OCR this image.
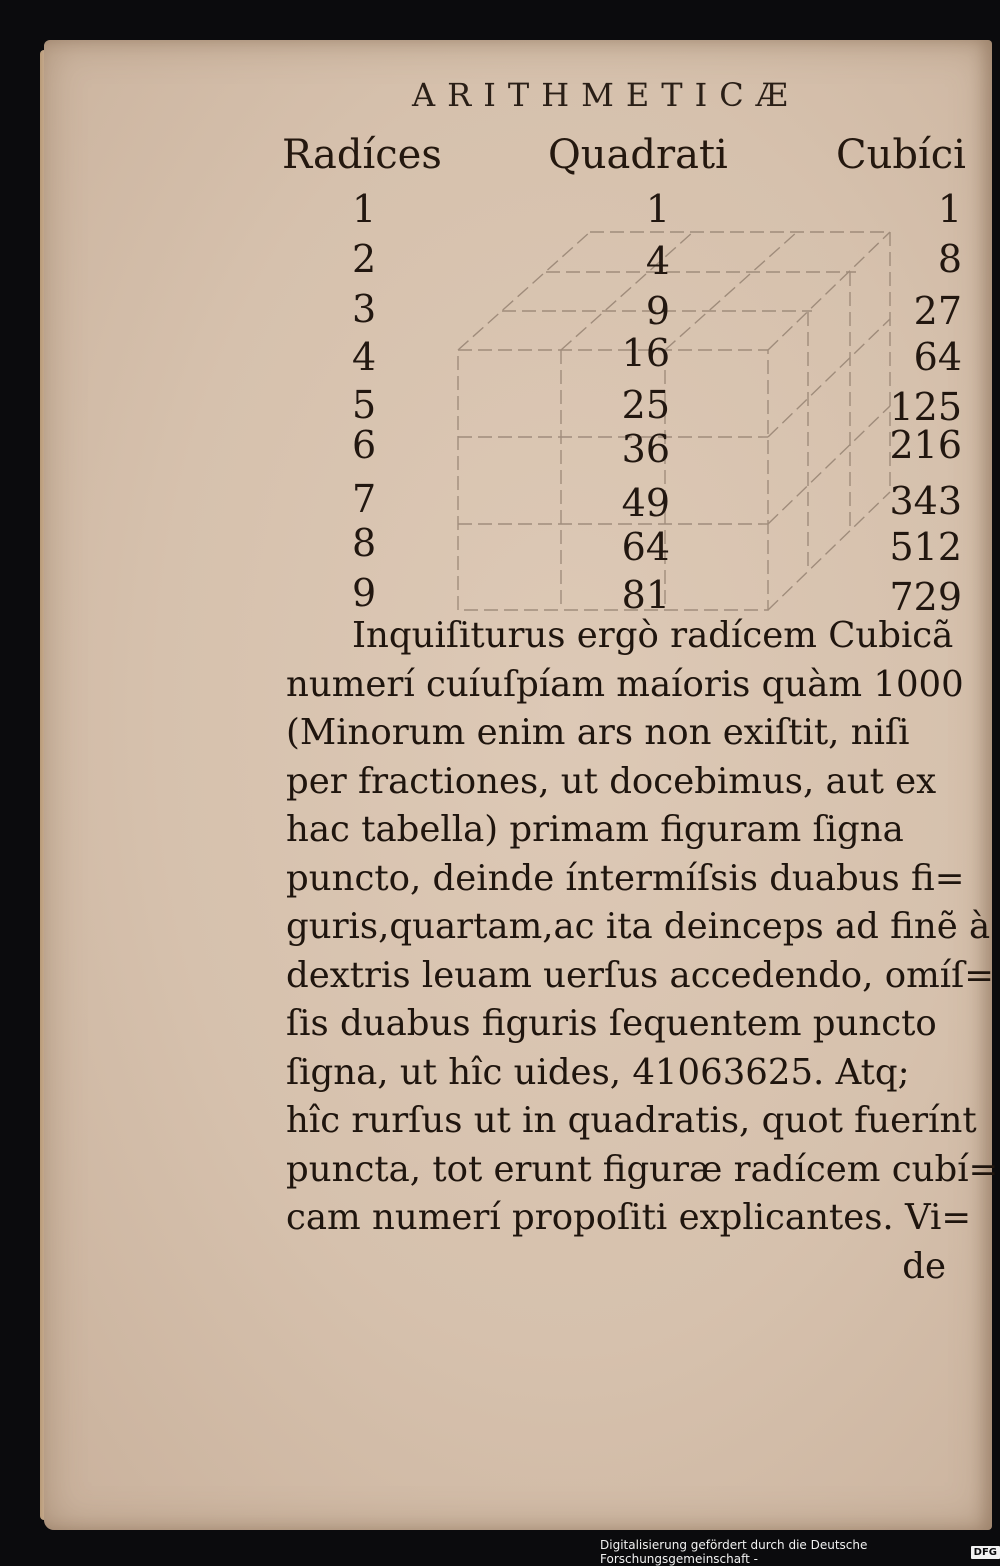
ARITHMETICÆ
Radíces	Quadrati	Cubíci
1	1	1
2	4	8
3	9	27
4	16	64
5	25	125
6	36	216
7	49	343
8	64	512
9	81	729
Inquiſiturus ergò radícem Cubicã
numerí cuíuſpíam maíoris quàm 1000
(Minorum enim ars non exiſtit, niſi
per fractiones, ut docebimus, aut ex
hac tabella) primam figuram ſigna
puncto, deinde íntermíſsis duabus fi=
guris,quartam,ac ita deinceps ad finẽ à
dextris leuam uerſus accedendo, omíſ=
ſis duabus figuris ſequentem puncto
ſigna, ut hîc uides, 41063625. Atq;
hîc rurſus ut in quadratis, quot fuerínt
puncta, tot erunt figuræ radícem cubí=
cam numerí propoſiti explicantes. Vi=
de
Digitalisierung gefördert durch die Deutsche Forschungsgemeinschaft -	DFG
